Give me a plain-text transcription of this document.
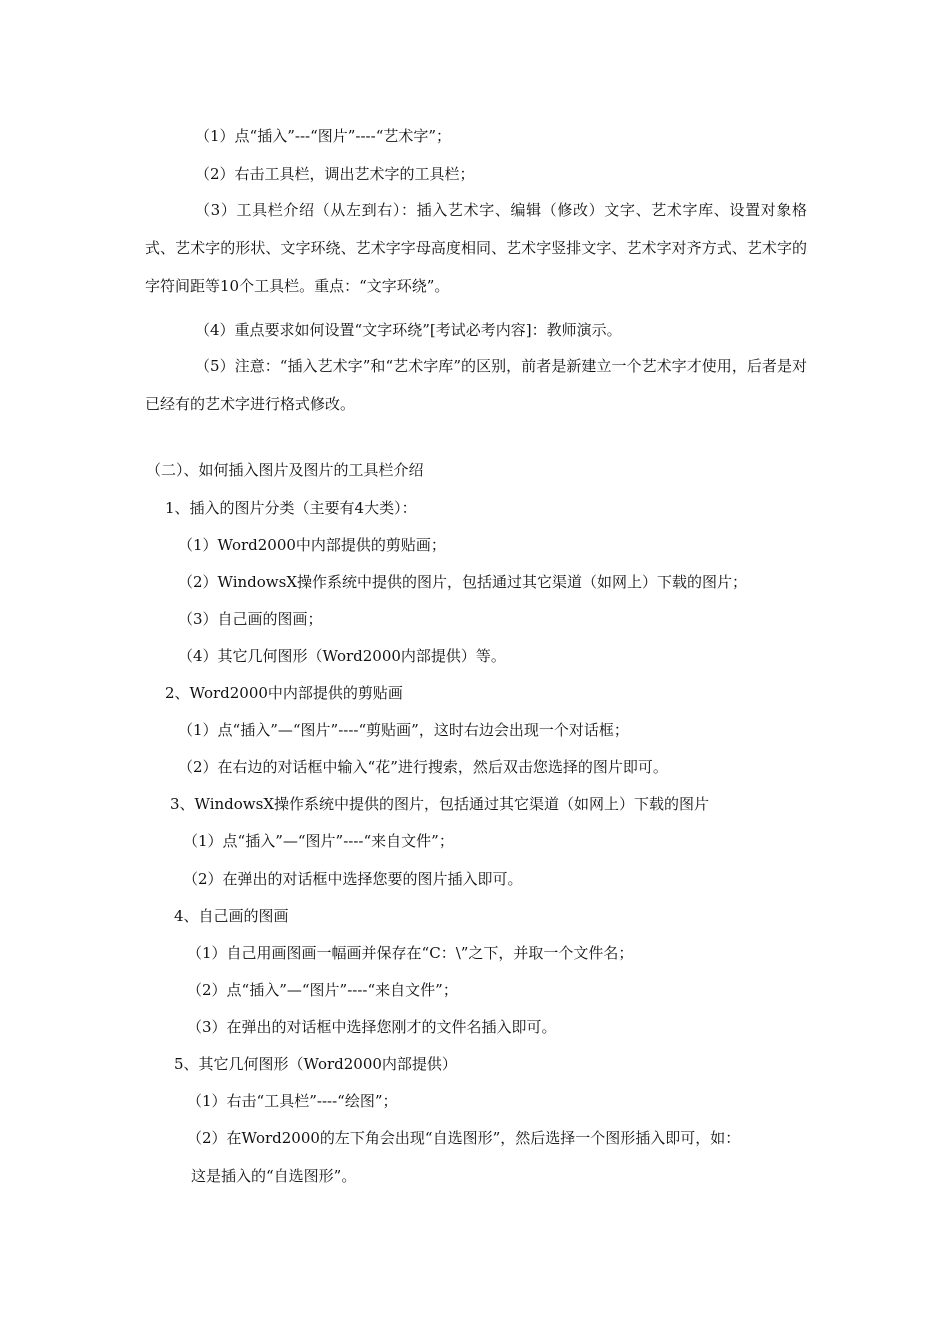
（1）点“插入”---“图片”----“艺术字”；
（2）右击工具栏，调出艺术字的工具栏；
（3）工具栏介绍（从左到右）：插入艺术字、编辑（修改）文字、艺术字库、设置对象格式、艺术字的形状、文字环绕、艺术字字母高度相同、艺术字竖排文字、艺术字对齐方式、艺术字的字符间距等10个工具栏。重点：“文字环绕”。
（4）重点要求如何设置“文字环绕”[考试必考内容]：教师演示。
（5）注意：“插入艺术字”和“艺术字库”的区别，前者是新建立一个艺术字才使用，后者是对已经有的艺术字进行格式修改。
（二）、如何插入图片及图片的工具栏介绍
1、插入的图片分类（主要有4大类）：
（1）Word2000中内部提供的剪贴画；
（2）WindowsX操作系统中提供的图片，包括通过其它渠道（如网上）下载的图片；
（3）自己画的图画；
（4）其它几何图形（Word2000内部提供）等。
2、Word2000中内部提供的剪贴画
（1）点“插入”—“图片”----“剪贴画”，这时右边会出现一个对话框；
（2）在右边的对话框中输入“花”进行搜索，然后双击您选择的图片即可。
3、WindowsX操作系统中提供的图片，包括通过其它渠道（如网上）下载的图片
（1）点“插入”—“图片”----“来自文件”；
（2）在弹出的对话框中选择您要的图片插入即可。
4、自己画的图画
（1）自己用画图画一幅画并保存在“C：\”之下，并取一个文件名；
（2）点“插入”—“图片”----“来自文件”；
（3）在弹出的对话框中选择您刚才的文件名插入即可。
5、其它几何图形（Word2000内部提供）
（1）右击“工具栏”----“绘图”；
（2）在Word2000的左下角会出现“自选图形”，然后选择一个图形插入即可，如：
这是插入的“自选图形”。
